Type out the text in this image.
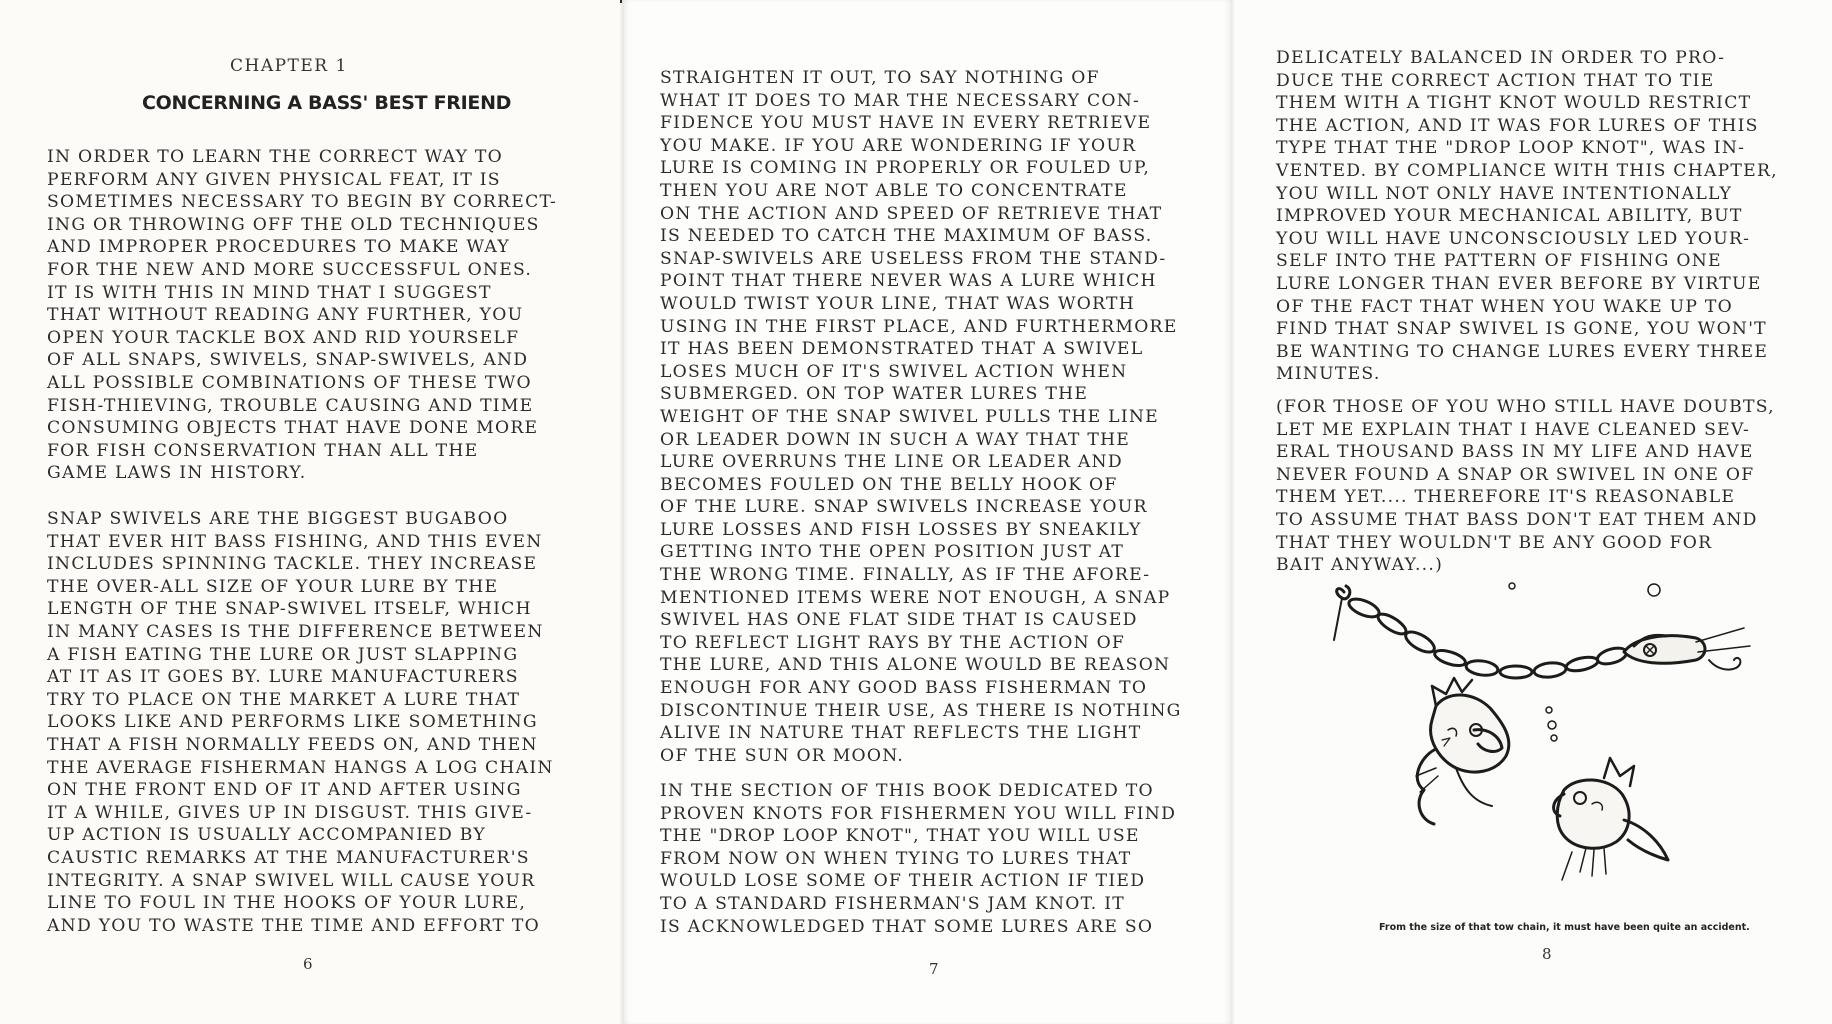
CHAPTER 1
CONCERNING A BASS' BEST FRIEND
IN ORDER TO LEARN THE CORRECT WAY TO
PERFORM ANY GIVEN PHYSICAL FEAT, IT IS
SOMETIMES NECESSARY TO BEGIN BY CORRECT-
ING OR THROWING OFF THE OLD TECHNIQUES
AND IMPROPER PROCEDURES TO MAKE WAY
FOR THE NEW AND MORE SUCCESSFUL ONES.
IT IS WITH THIS IN MIND THAT I SUGGEST
THAT WITHOUT READING ANY FURTHER, YOU
OPEN YOUR TACKLE BOX AND RID YOURSELF
OF ALL SNAPS, SWIVELS, SNAP-SWIVELS, AND
ALL POSSIBLE COMBINATIONS OF THESE TWO
FISH-THIEVING, TROUBLE CAUSING AND TIME
CONSUMING OBJECTS THAT HAVE DONE MORE
FOR FISH CONSERVATION THAN ALL THE
GAME LAWS IN HISTORY.
SNAP SWIVELS ARE THE BIGGEST BUGABOO
THAT EVER HIT BASS FISHING, AND THIS EVEN
INCLUDES SPINNING TACKLE. THEY INCREASE
THE OVER-ALL SIZE OF YOUR LURE BY THE
LENGTH OF THE SNAP-SWIVEL ITSELF, WHICH
IN MANY CASES IS THE DIFFERENCE BETWEEN
A FISH EATING THE LURE OR JUST SLAPPING
AT IT AS IT GOES BY. LURE MANUFACTURERS
TRY TO PLACE ON THE MARKET A LURE THAT
LOOKS LIKE AND PERFORMS LIKE SOMETHING
THAT A FISH NORMALLY FEEDS ON, AND THEN
THE AVERAGE FISHERMAN HANGS A LOG CHAIN
ON THE FRONT END OF IT AND AFTER USING
IT A WHILE, GIVES UP IN DISGUST. THIS GIVE-
UP ACTION IS USUALLY ACCOMPANIED BY
CAUSTIC REMARKS AT THE MANUFACTURER'S
INTEGRITY. A SNAP SWIVEL WILL CAUSE YOUR
LINE TO FOUL IN THE HOOKS OF YOUR LURE,
AND YOU TO WASTE THE TIME AND EFFORT TO
6
STRAIGHTEN IT OUT, TO SAY NOTHING OF
WHAT IT DOES TO MAR THE NECESSARY CON-
FIDENCE YOU MUST HAVE IN EVERY RETRIEVE
YOU MAKE. IF YOU ARE WONDERING IF YOUR
LURE IS COMING IN PROPERLY OR FOULED UP,
THEN YOU ARE NOT ABLE TO CONCENTRATE
ON THE ACTION AND SPEED OF RETRIEVE THAT
IS NEEDED TO CATCH THE MAXIMUM OF BASS.
SNAP-SWIVELS ARE USELESS FROM THE STAND-
POINT THAT THERE NEVER WAS A LURE WHICH
WOULD TWIST YOUR LINE, THAT WAS WORTH
USING IN THE FIRST PLACE, AND FURTHERMORE
IT HAS BEEN DEMONSTRATED THAT A SWIVEL
LOSES MUCH OF IT'S SWIVEL ACTION WHEN
SUBMERGED. ON TOP WATER LURES THE
WEIGHT OF THE SNAP SWIVEL PULLS THE LINE
OR LEADER DOWN IN SUCH A WAY THAT THE
LURE OVERRUNS THE LINE OR LEADER AND
BECOMES FOULED ON THE BELLY HOOK OF
OF THE LURE. SNAP SWIVELS INCREASE YOUR
LURE LOSSES AND FISH LOSSES BY SNEAKILY
GETTING INTO THE OPEN POSITION JUST AT
THE WRONG TIME. FINALLY, AS IF THE AFORE-
MENTIONED ITEMS WERE NOT ENOUGH, A SNAP
SWIVEL HAS ONE FLAT SIDE THAT IS CAUSED
TO REFLECT LIGHT RAYS BY THE ACTION OF
THE LURE, AND THIS ALONE WOULD BE REASON
ENOUGH FOR ANY GOOD BASS FISHERMAN TO
DISCONTINUE THEIR USE, AS THERE IS NOTHING
ALIVE IN NATURE THAT REFLECTS THE LIGHT
OF THE SUN OR MOON.
IN THE SECTION OF THIS BOOK DEDICATED TO
PROVEN KNOTS FOR FISHERMEN YOU WILL FIND
THE "DROP LOOP KNOT", THAT YOU WILL USE
FROM NOW ON WHEN TYING TO LURES THAT
WOULD LOSE SOME OF THEIR ACTION IF TIED
TO A STANDARD FISHERMAN'S JAM KNOT. IT
IS ACKNOWLEDGED THAT SOME LURES ARE SO
7
DELICATELY BALANCED IN ORDER TO PRO-
DUCE THE CORRECT ACTION THAT TO TIE
THEM WITH A TIGHT KNOT WOULD RESTRICT
THE ACTION, AND IT WAS FOR LURES OF THIS
TYPE THAT THE "DROP LOOP KNOT", WAS IN-
VENTED. BY COMPLIANCE WITH THIS CHAPTER,
YOU WILL NOT ONLY HAVE INTENTIONALLY
IMPROVED YOUR MECHANICAL ABILITY, BUT
YOU WILL HAVE UNCONSCIOUSLY LED YOUR-
SELF INTO THE PATTERN OF FISHING ONE
LURE LONGER THAN EVER BEFORE BY VIRTUE
OF THE FACT THAT WHEN YOU WAKE UP TO
FIND THAT SNAP SWIVEL IS GONE, YOU WON'T
BE WANTING TO CHANGE LURES EVERY THREE
MINUTES.
(FOR THOSE OF YOU WHO STILL HAVE DOUBTS,
LET ME EXPLAIN THAT I HAVE CLEANED SEV-
ERAL THOUSAND BASS IN MY LIFE AND HAVE
NEVER FOUND A SNAP OR SWIVEL IN ONE OF
THEM YET.... THEREFORE IT'S REASONABLE
TO ASSUME THAT BASS DON'T EAT THEM AND
THAT THEY WOULDN'T BE ANY GOOD FOR
BAIT ANYWAY...)
From the size of that tow chain, it must have been quite an accident.
8
